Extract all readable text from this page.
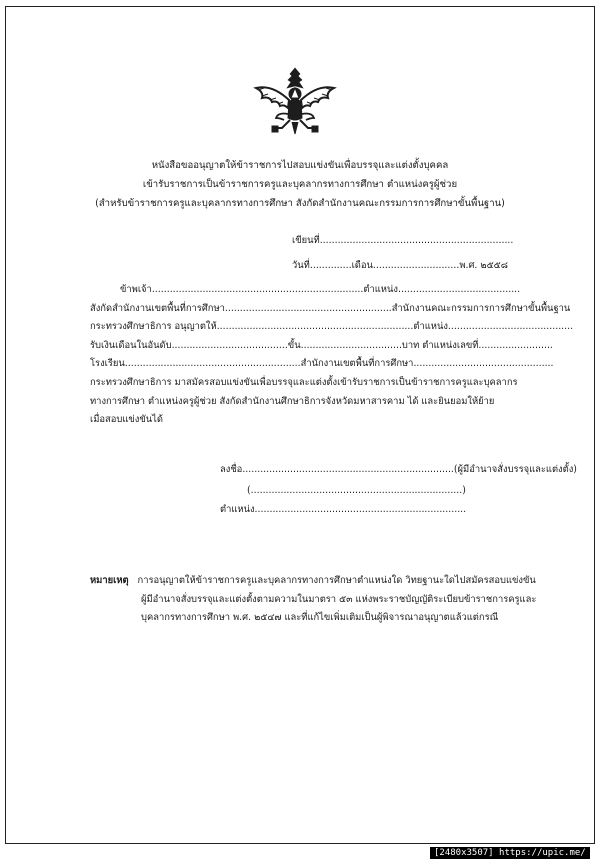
หนังสือขออนุญาตให้ข้าราชการไปสอบแข่งขันเพื่อบรรจุและแต่งตั้งบุคคล
เข้ารับราชการเป็นข้าราชการครูและบุคลากรทางการศึกษา ตำแหน่งครูผู้ช่วย
(สำหรับข้าราชการครูและบุคลากรทางการศึกษา สังกัดสำนักงานคณะกรรมการการศึกษาขั้นพื้นฐาน)
เขียนที่.................................................................
วันที่..............เดือน.............................พ.ศ. ๒๕๕๘
ข้าพเจ้า.......................................................................ตำแหน่ง.........................................
สังกัดสำนักงานเขตพื้นที่การศึกษา........................................................สำนักงานคณะกรรมการการศึกษาขั้นพื้นฐาน
กระทรวงศึกษาธิการ อนุญาตให้..................................................................ตำแหน่ง..........................................
รับเงินเดือนในอันดับ.......................................ขั้น..................................บาท ตำแหน่งเลขที่.........................
โรงเรียน...........................................................สำนักงานเขตพื้นที่การศึกษา...............................................
กระทรวงศึกษาธิการ มาสมัครสอบแข่งขันเพื่อบรรจุและแต่งตั้งเข้ารับราชการเป็นข้าราชการครูและบุคลากร
ทางการศึกษา ตำแหน่งครูผู้ช่วย สังกัดสำนักงานศึกษาธิการจังหวัดมหาสารคาม ได้ และยินยอมให้ย้าย
เมื่อสอบแข่งขันได้
ลงชื่อ.......................................................................(ผู้มีอำนาจสั่งบรรจุและแต่งตั้ง)
(.......................................................................)
ตำแหน่ง.......................................................................
หมายเหตุ การอนุญาตให้ข้าราชการครูและบุคลากรทางการศึกษาตำแหน่งใด วิทยฐานะใดไปสมัครสอบแข่งขัน
ผู้มีอำนาจสั่งบรรจุและแต่งตั้งตามความในมาตรา ๕๓ แห่งพระราชบัญญัติระเบียบข้าราชการครูและ
บุคลากรทางการศึกษา พ.ศ. ๒๕๔๗ และที่แก้ไขเพิ่มเติมเป็นผู้พิจารณาอนุญาตแล้วแต่กรณี
[2480x3507] https://upic.me/
